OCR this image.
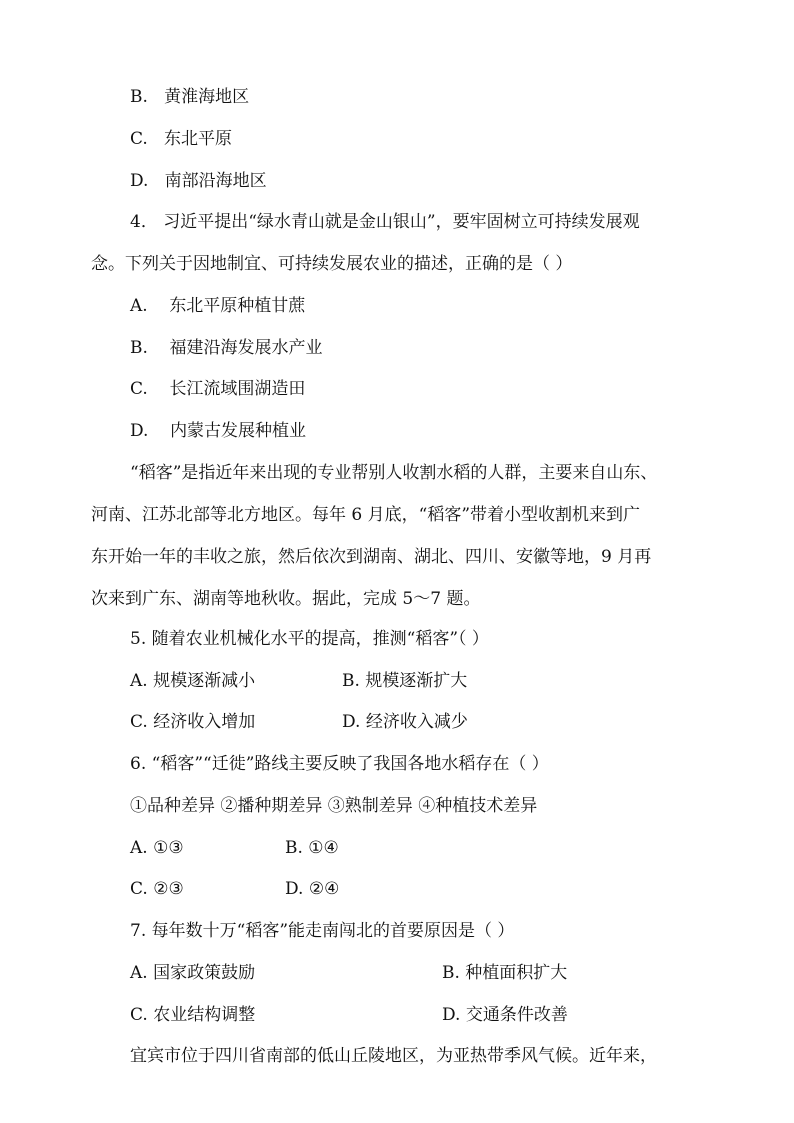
B. 黄淮海地区
C. 东北平原
D. 南部沿海地区
4． 习近平提出“绿水青山就是金山银山”，要牢固树立可持续发展观
念。下列关于因地制宜、可持续发展农业的描述，正确的是（ ）
A. 东北平原种植甘蔗
B. 福建沿海发展水产业
C. 长江流域围湖造田
D. 内蒙古发展种植业
“稻客”是指近年来出现的专业帮别人收割水稻的人群，主要来自山东、
河南、江苏北部等北方地区。每年 6 月底，“稻客”带着小型收割机来到广
东开始一年的丰收之旅，然后依次到湖南、湖北、四川、安徽等地，9 月再
次来到广东、湖南等地秋收。据此，完成 5～7 题。
5. 随着农业机械化水平的提高，推测“稻客”（ ）
A. 规模逐渐减小	B. 规模逐渐扩大
C. 经济收入增加	D. 经济收入减少
6. “稻客”“迁徙”路线主要反映了我国各地水稻存在（ ）
①品种差异 ②播种期差异 ③熟制差异 ④种植技术差异
A. ①③	B. ①④
C. ②③	D. ②④
7. 每年数十万“稻客”能走南闯北的首要原因是（ ）
A. 国家政策鼓励	B. 种植面积扩大
C. 农业结构调整	D. 交通条件改善
宜宾市位于四川省南部的低山丘陵地区，为亚热带季风气候。近年来，
